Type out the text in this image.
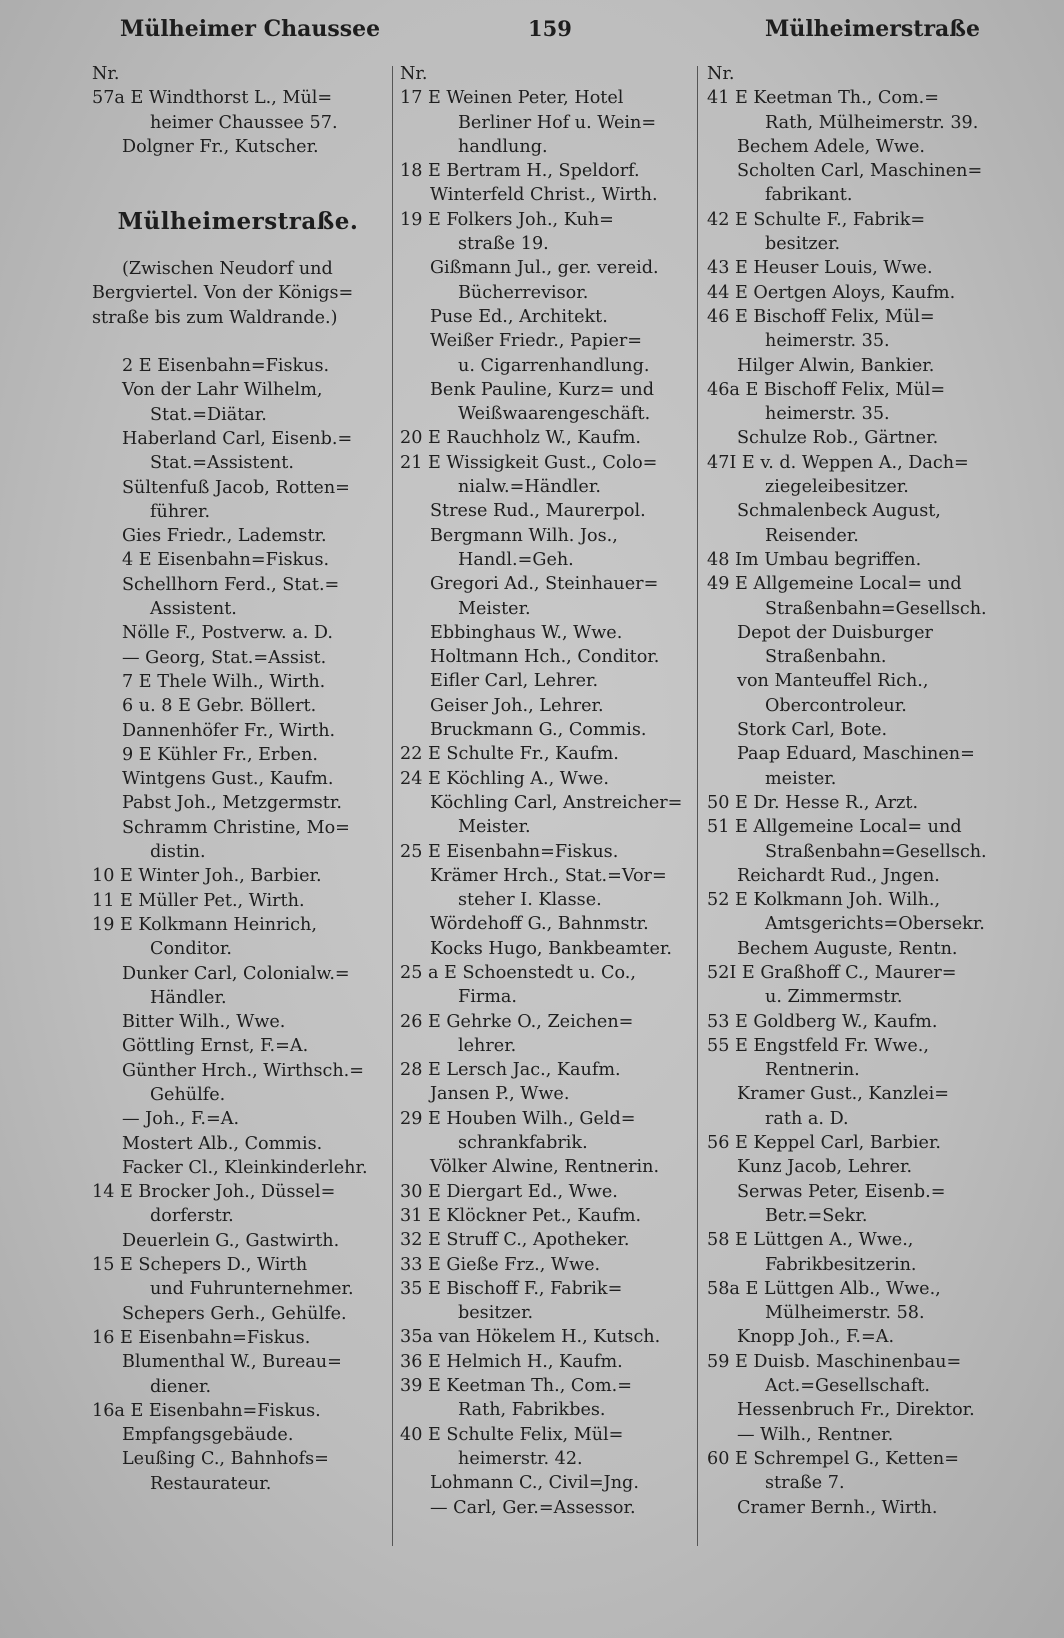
Mülheimer Chaussee	159	Mülheimerstraße
Nr.
57a E Windthorst L., Mül=
heimer Chaussee 57.
Dolgner Fr., Kutscher.
Mülheimerstraße.
(Zwischen Neudorf und
Bergviertel. Von der Königs=
straße bis zum Waldrande.)
2 E Eisenbahn=Fiskus.
Von der Lahr Wilhelm,
Stat.=Diätar.
Haberland Carl, Eisenb.=
Stat.=Assistent.
Sültenfuß Jacob, Rotten=
führer.
Gies Friedr., Lademstr.
4 E Eisenbahn=Fiskus.
Schellhorn Ferd., Stat.=
Assistent.
Nölle F., Postverw. a. D.
— Georg, Stat.=Assist.
7 E Thele Wilh., Wirth.
6 u. 8 E Gebr. Böllert.
Dannenhöfer Fr., Wirth.
9 E Kühler Fr., Erben.
Wintgens Gust., Kaufm.
Pabst Joh., Metzgermstr.
Schramm Christine, Mo=
distin.
10 E Winter Joh., Barbier.
11 E Müller Pet., Wirth.
19 E Kolkmann Heinrich,
Conditor.
Dunker Carl, Colonialw.=
Händler.
Bitter Wilh., Wwe.
Göttling Ernst, F.=A.
Günther Hrch., Wirthsch.=
Gehülfe.
— Joh., F.=A.
Mostert Alb., Commis.
Facker Cl., Kleinkinderlehr.
14 E Brocker Joh., Düssel=
dorferstr.
Deuerlein G., Gastwirth.
15 E Schepers D., Wirth
und Fuhrunternehmer.
Schepers Gerh., Gehülfe.
16 E Eisenbahn=Fiskus.
Blumenthal W., Bureau=
diener.
16a E Eisenbahn=Fiskus.
Empfangsgebäude.
Leußing C., Bahnhofs=
Restaurateur.
Nr.
17 E Weinen Peter, Hotel
Berliner Hof u. Wein=
handlung.
18 E Bertram H., Speldorf.
Winterfeld Christ., Wirth.
19 E Folkers Joh., Kuh=
straße 19.
Gißmann Jul., ger. vereid.
Bücherrevisor.
Puse Ed., Architekt.
Weißer Friedr., Papier=
u. Cigarrenhandlung.
Benk Pauline, Kurz= und
Weißwaarengeschäft.
20 E Rauchholz W., Kaufm.
21 E Wissigkeit Gust., Colo=
nialw.=Händler.
Strese Rud., Maurerpol.
Bergmann Wilh. Jos.,
Handl.=Geh.
Gregori Ad., Steinhauer=
Meister.
Ebbinghaus W., Wwe.
Holtmann Hch., Conditor.
Eifler Carl, Lehrer.
Geiser Joh., Lehrer.
Bruckmann G., Commis.
22 E Schulte Fr., Kaufm.
24 E Köchling A., Wwe.
Köchling Carl, Anstreicher=
Meister.
25 E Eisenbahn=Fiskus.
Krämer Hrch., Stat.=Vor=
steher I. Klasse.
Wördehoff G., Bahnmstr.
Kocks Hugo, Bankbeamter.
25 a E Schoenstedt u. Co.,
Firma.
26 E Gehrke O., Zeichen=
lehrer.
28 E Lersch Jac., Kaufm.
Jansen P., Wwe.
29 E Houben Wilh., Geld=
schrankfabrik.
Völker Alwine, Rentnerin.
30 E Diergart Ed., Wwe.
31 E Klöckner Pet., Kaufm.
32 E Struff C., Apotheker.
33 E Gieße Frz., Wwe.
35 E Bischoff F., Fabrik=
besitzer.
35a van Hökelem H., Kutsch.
36 E Helmich H., Kaufm.
39 E Keetman Th., Com.=
Rath, Fabrikbes.
40 E Schulte Felix, Mül=
heimerstr. 42.
Lohmann C., Civil=Jng.
— Carl, Ger.=Assessor.
Nr.
41 E Keetman Th., Com.=
Rath, Mülheimerstr. 39.
Bechem Adele, Wwe.
Scholten Carl, Maschinen=
fabrikant.
42 E Schulte F., Fabrik=
besitzer.
43 E Heuser Louis, Wwe.
44 E Oertgen Aloys, Kaufm.
46 E Bischoff Felix, Mül=
heimerstr. 35.
Hilger Alwin, Bankier.
46a E Bischoff Felix, Mül=
heimerstr. 35.
Schulze Rob., Gärtner.
47I E v. d. Weppen A., Dach=
ziegeleibesitzer.
Schmalenbeck August,
Reisender.
48 Im Umbau begriffen.
49 E Allgemeine Local= und
Straßenbahn=Gesellsch.
Depot der Duisburger
Straßenbahn.
von Manteuffel Rich.,
Obercontroleur.
Stork Carl, Bote.
Paap Eduard, Maschinen=
meister.
50 E Dr. Hesse R., Arzt.
51 E Allgemeine Local= und
Straßenbahn=Gesellsch.
Reichardt Rud., Jngen.
52 E Kolkmann Joh. Wilh.,
Amtsgerichts=Obersekr.
Bechem Auguste, Rentn.
52I E Graßhoff C., Maurer=
u. Zimmermstr.
53 E Goldberg W., Kaufm.
55 E Engstfeld Fr. Wwe.,
Rentnerin.
Kramer Gust., Kanzlei=
rath a. D.
56 E Keppel Carl, Barbier.
Kunz Jacob, Lehrer.
Serwas Peter, Eisenb.=
Betr.=Sekr.
58 E Lüttgen A., Wwe.,
Fabrikbesitzerin.
58a E Lüttgen Alb., Wwe.,
Mülheimerstr. 58.
Knopp Joh., F.=A.
59 E Duisb. Maschinenbau=
Act.=Gesellschaft.
Hessenbruch Fr., Direktor.
— Wilh., Rentner.
60 E Schrempel G., Ketten=
straße 7.
Cramer Bernh., Wirth.
